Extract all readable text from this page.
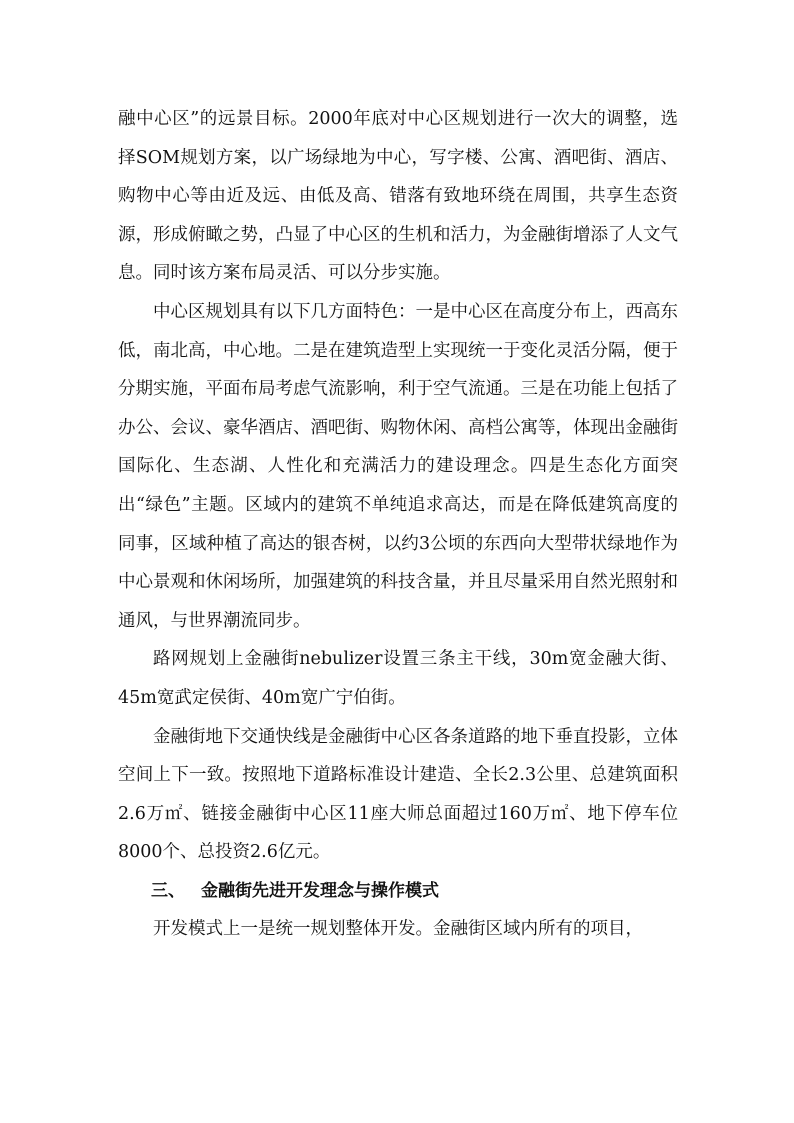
融中心区”的远景目标。2000年底对中心区规划进行一次大的调整，选择SOM规划方案，以广场绿地为中心，写字楼、公寓、酒吧街、酒店、购物中心等由近及远、由低及高、错落有致地环绕在周围，共享生态资源，形成俯瞰之势，凸显了中心区的生机和活力，为金融街增添了人文气息。同时该方案布局灵活、可以分步实施。

中心区规划具有以下几方面特色：一是中心区在高度分布上，西高东低，南北高，中心地。二是在建筑造型上实现统一于变化灵活分隔，便于分期实施，平面布局考虑气流影响，利于空气流通。三是在功能上包括了办公、会议、豪华酒店、酒吧街、购物休闲、高档公寓等，体现出金融街国际化、生态湖、人性化和充满活力的建设理念。四是生态化方面突出“绿色”主题。区域内的建筑不单纯追求高达，而是在降低建筑高度的同事，区域种植了高达的银杏树，以约3公顷的东西向大型带状绿地作为中心景观和休闲场所，加强建筑的科技含量，并且尽量采用自然光照射和通风，与世界潮流同步。

路网规划上金融街nebulizer设置三条主干线，30m宽金融大街、45m宽武定侯街、40m宽广宁伯街。

金融街地下交通快线是金融街中心区各条道路的地下垂直投影，立体空间上下一致。按照地下道路标准设计建造、全长2.3公里、总建筑面积2.6万㎡、链接金融街中心区11座大师总面超过160万㎡、地下停车位8000个、总投资2.6亿元。

三、 金融街先进开发理念与操作模式

开发模式上一是统一规划整体开发。金融街区域内所有的项目，
